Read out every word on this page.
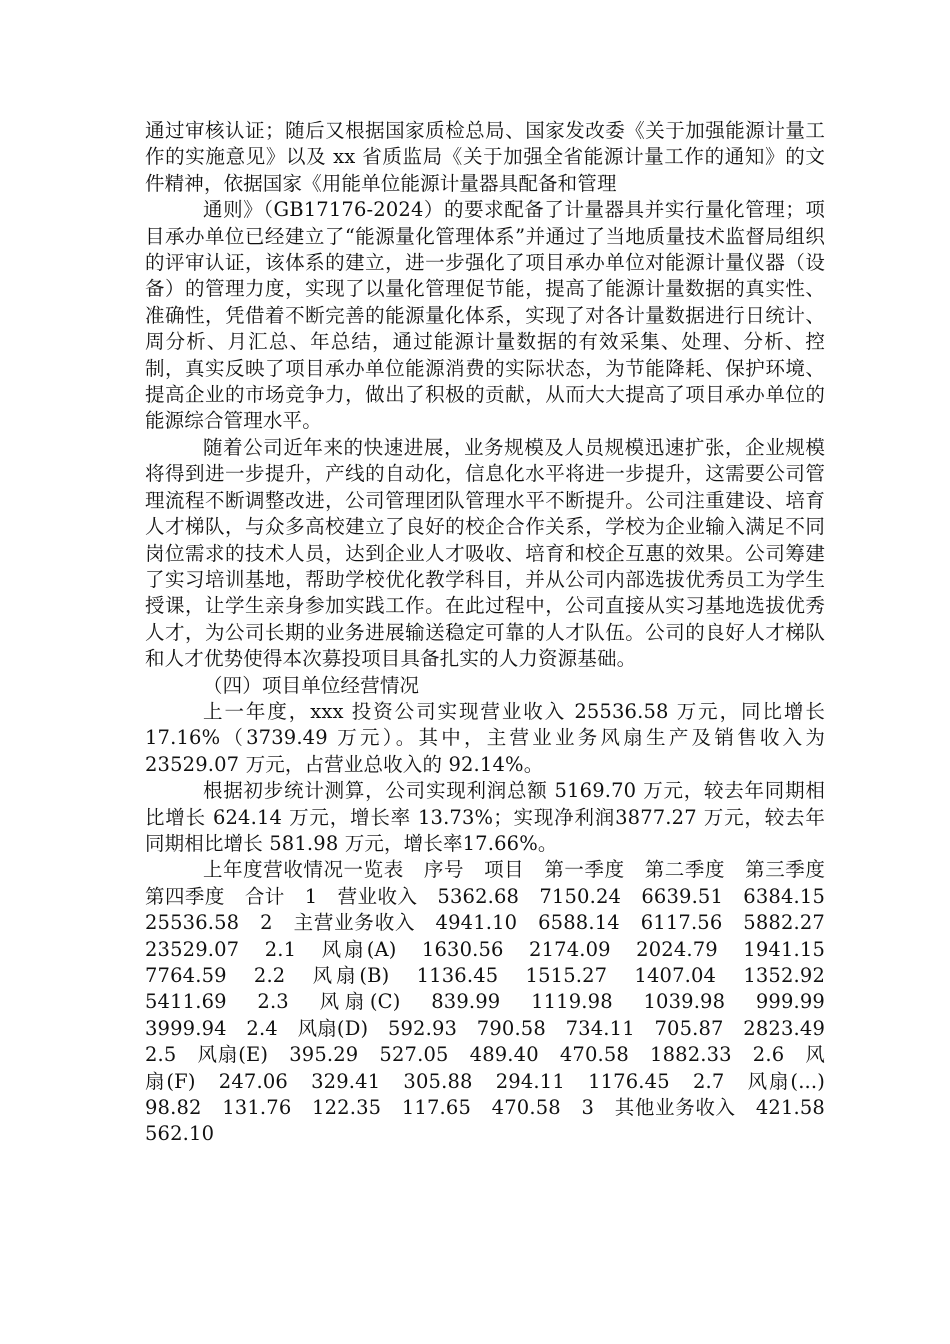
通过审核认证；随后又根据国家质检总局、国家发改委《关于加强能源计量工作的实施意见》以及 xx 省质监局《关于加强全省能源计量工作的通知》的文件精神，依据国家《用能单位能源计量器具配备和管理

通则》（GB17176-2024）的要求配备了计量器具并实行量化管理；项目承办单位已经建立了“能源量化管理体系”并通过了当地质量技术监督局组织的评审认证，该体系的建立，进一步强化了项目承办单位对能源计量仪器（设备）的管理力度，实现了以量化管理促节能，提高了能源计量数据的真实性、准确性，凭借着不断完善的能源量化体系，实现了对各计量数据进行日统计、周分析、月汇总、年总结，通过能源计量数据的有效采集、处理、分析、控制，真实反映了项目承办单位能源消费的实际状态，为节能降耗、保护环境、提高企业的市场竞争力，做出了积极的贡献，从而大大提高了项目承办单位的能源综合管理水平。

随着公司近年来的快速进展，业务规模及人员规模迅速扩张，企业规模将得到进一步提升，产线的自动化，信息化水平将进一步提升，这需要公司管理流程不断调整改进，公司管理团队管理水平不断提升。公司注重建设、培育人才梯队，与众多高校建立了良好的校企合作关系，学校为企业输入满足不同岗位需求的技术人员，达到企业人才吸收、培育和校企互惠的效果。公司筹建了实习培训基地，帮助学校优化教学科目，并从公司内部选拔优秀员工为学生授课，让学生亲身参加实践工作。在此过程中，公司直接从实习基地选拔优秀人才，为公司长期的业务进展输送稳定可靠的人才队伍。公司的良好人才梯队和人才优势使得本次募投项目具备扎实的人力资源基础。

（四）项目单位经营情况

上一年度，xxx 投资公司实现营业收入 25536.58 万元，同比增长17.16%（3739.49 万元）。其中，主营业业务风扇生产及销售收入为23529.07 万元，占营业总收入的 92.14%。

根据初步统计测算，公司实现利润总额 5169.70 万元，较去年同期相比增长 624.14 万元，增长率 13.73%；实现净利润3877.27 万元，较去年同期相比增长 581.98 万元，增长率17.66%。

上年度营收情况一览表　序号　项目　第一季度　第二季度　第三季度　第四季度　合计　1　营业收入　5362.68　7150.24　6639.51　6384.15　25536.58　2　主营业务收入　4941.10　6588.14　6117.56　5882.27　23529.07　2.1　风扇(A)　1630.56　2174.09　2024.79　1941.15　7764.59　2.2　风扇(B)　1136.45　1515.27　1407.04　1352.92　5411.69　2.3　风扇(C)　839.99　1119.98　1039.98　999.99　3999.94　2.4　风扇(D)　592.93　790.58　734.11　705.87　2823.49　2.5　风扇(E)　395.29　527.05　489.40　470.58　1882.33　2.6　风扇(F)　247.06　329.41　305.88　294.11　1176.45　2.7　风扇(...)　98.82　131.76　122.35　117.65　470.58　3　其他业务收入　421.58　562.10
